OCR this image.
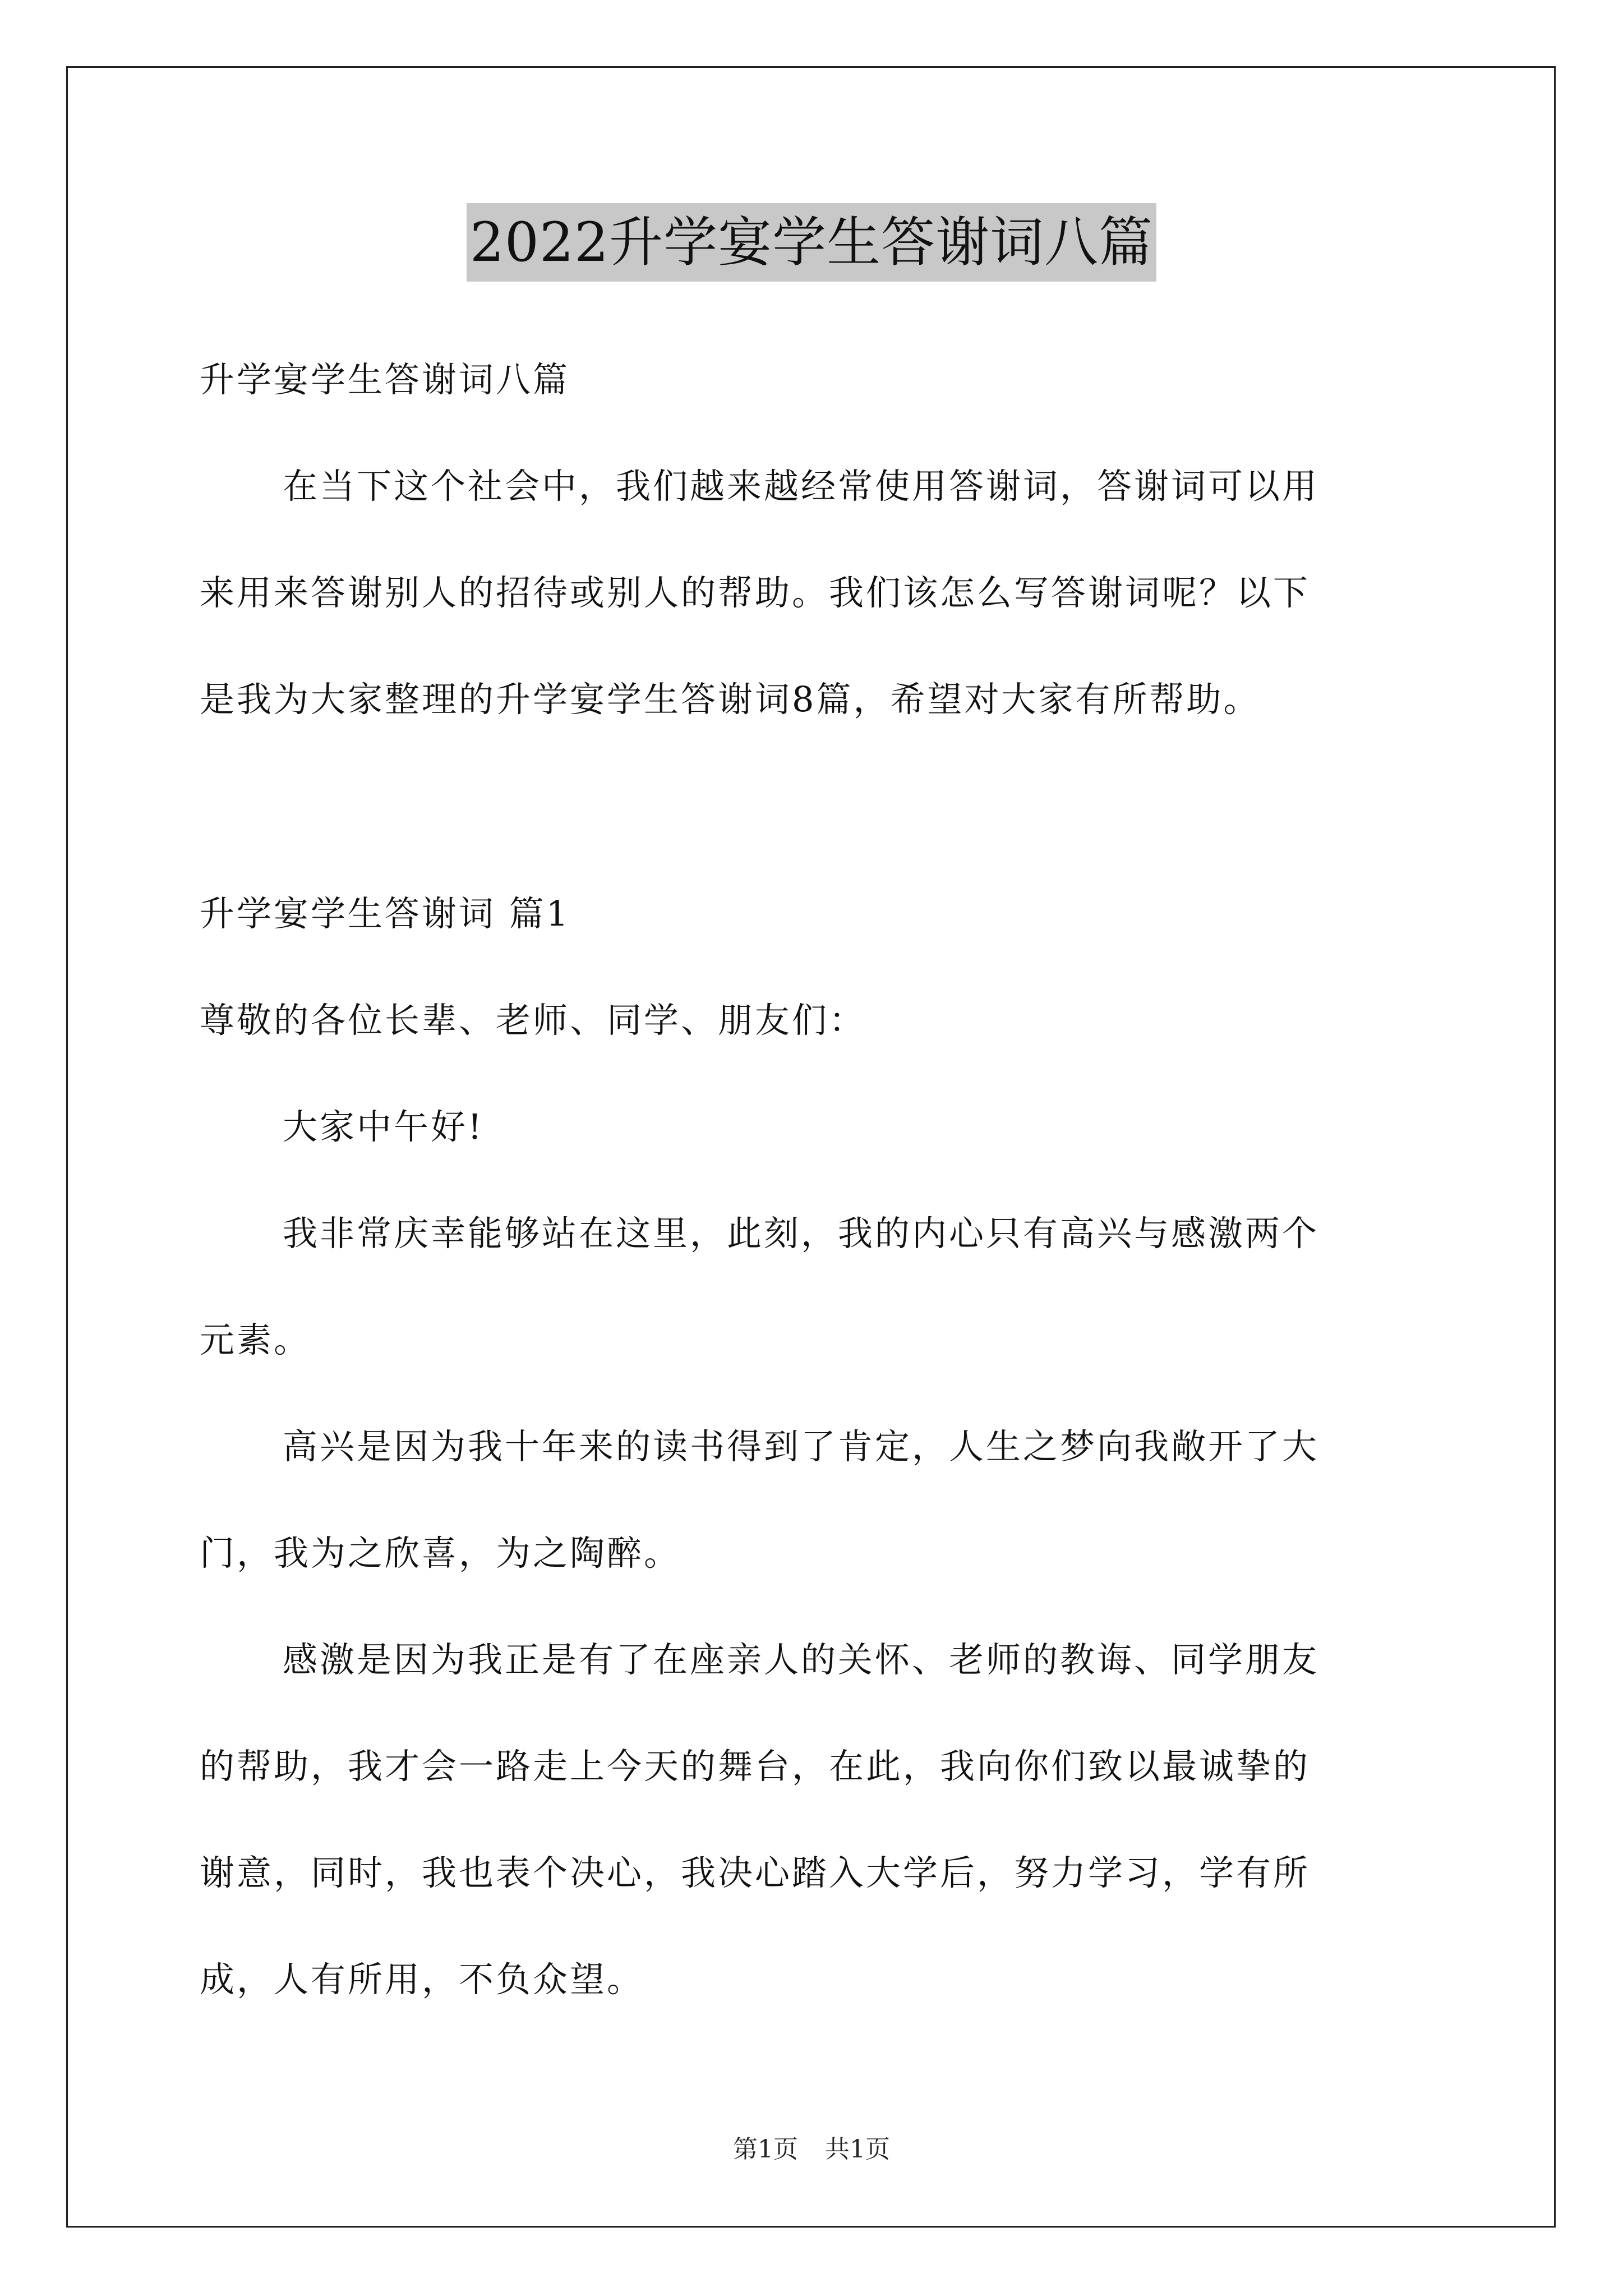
2022升学宴学生答谢词八篇
升学宴学生答谢词八篇
在当下这个社会中，我们越来越经常使用答谢词，答谢词可以用
来用来答谢别人的招待或别人的帮助。我们该怎么写答谢词呢？以下
是我为大家整理的升学宴学生答谢词8篇，希望对大家有所帮助。
升学宴学生答谢词 篇1
尊敬的各位长辈、老师、同学、朋友们：
大家中午好!
我非常庆幸能够站在这里，此刻，我的内心只有高兴与感激两个
元素。
高兴是因为我十年来的读书得到了肯定，人生之梦向我敞开了大
门，我为之欣喜，为之陶醉。
感激是因为我正是有了在座亲人的关怀、老师的教诲、同学朋友
的帮助，我才会一路走上今天的舞台，在此，我向你们致以最诚挚的
谢意，同时，我也表个决心，我决心踏入大学后，努力学习，学有所
成，人有所用，不负众望。
第1页 共1页
